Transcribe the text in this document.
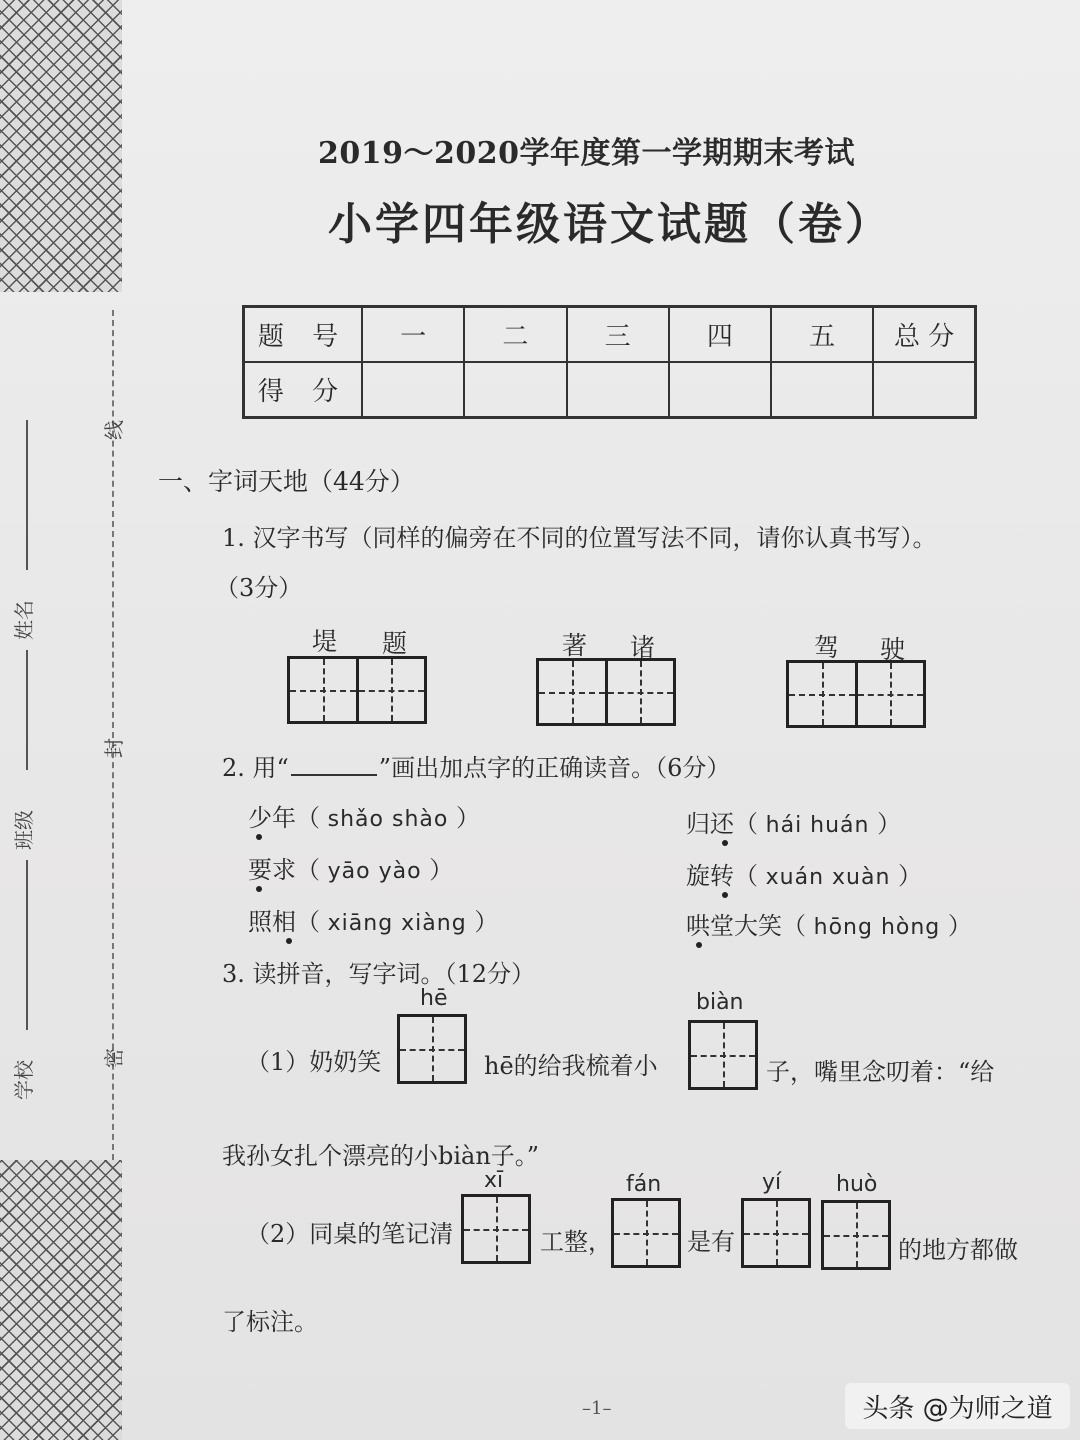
线
封
密
姓名
班级
学校
2019～2020学年度第一学期期末考试
小学四年级语文试题（卷）
题 号	一	二	三	四	五	总 分
得 分						
一、字词天地（44分）
1. 汉字书写（同样的偏旁在不同的位置写法不同，请你认真书写）。
（3分）
堤 题	著 诸	驾 驶
2. 用“	”画出加点字的正确读音。（6分）
少年（ shǎo shào ）
要求（ yāo yào ）
照相（ xiāng xiàng ）
归还（ hái huán ）
旋转（ xuán xuàn ）
哄堂大笑（ hōng hòng ）
3. 读拼音，写字词。（12分）
（1）奶奶笑
hē
hē的给我梳着小
biàn
子，嘴里念叨着：“给
我孙女扎个漂亮的小biàn子。”
（2）同桌的笔记清
xī
工整，
fán
是有
yí huò
的地方都做
了标注。
–1–	头条 @为师之道
